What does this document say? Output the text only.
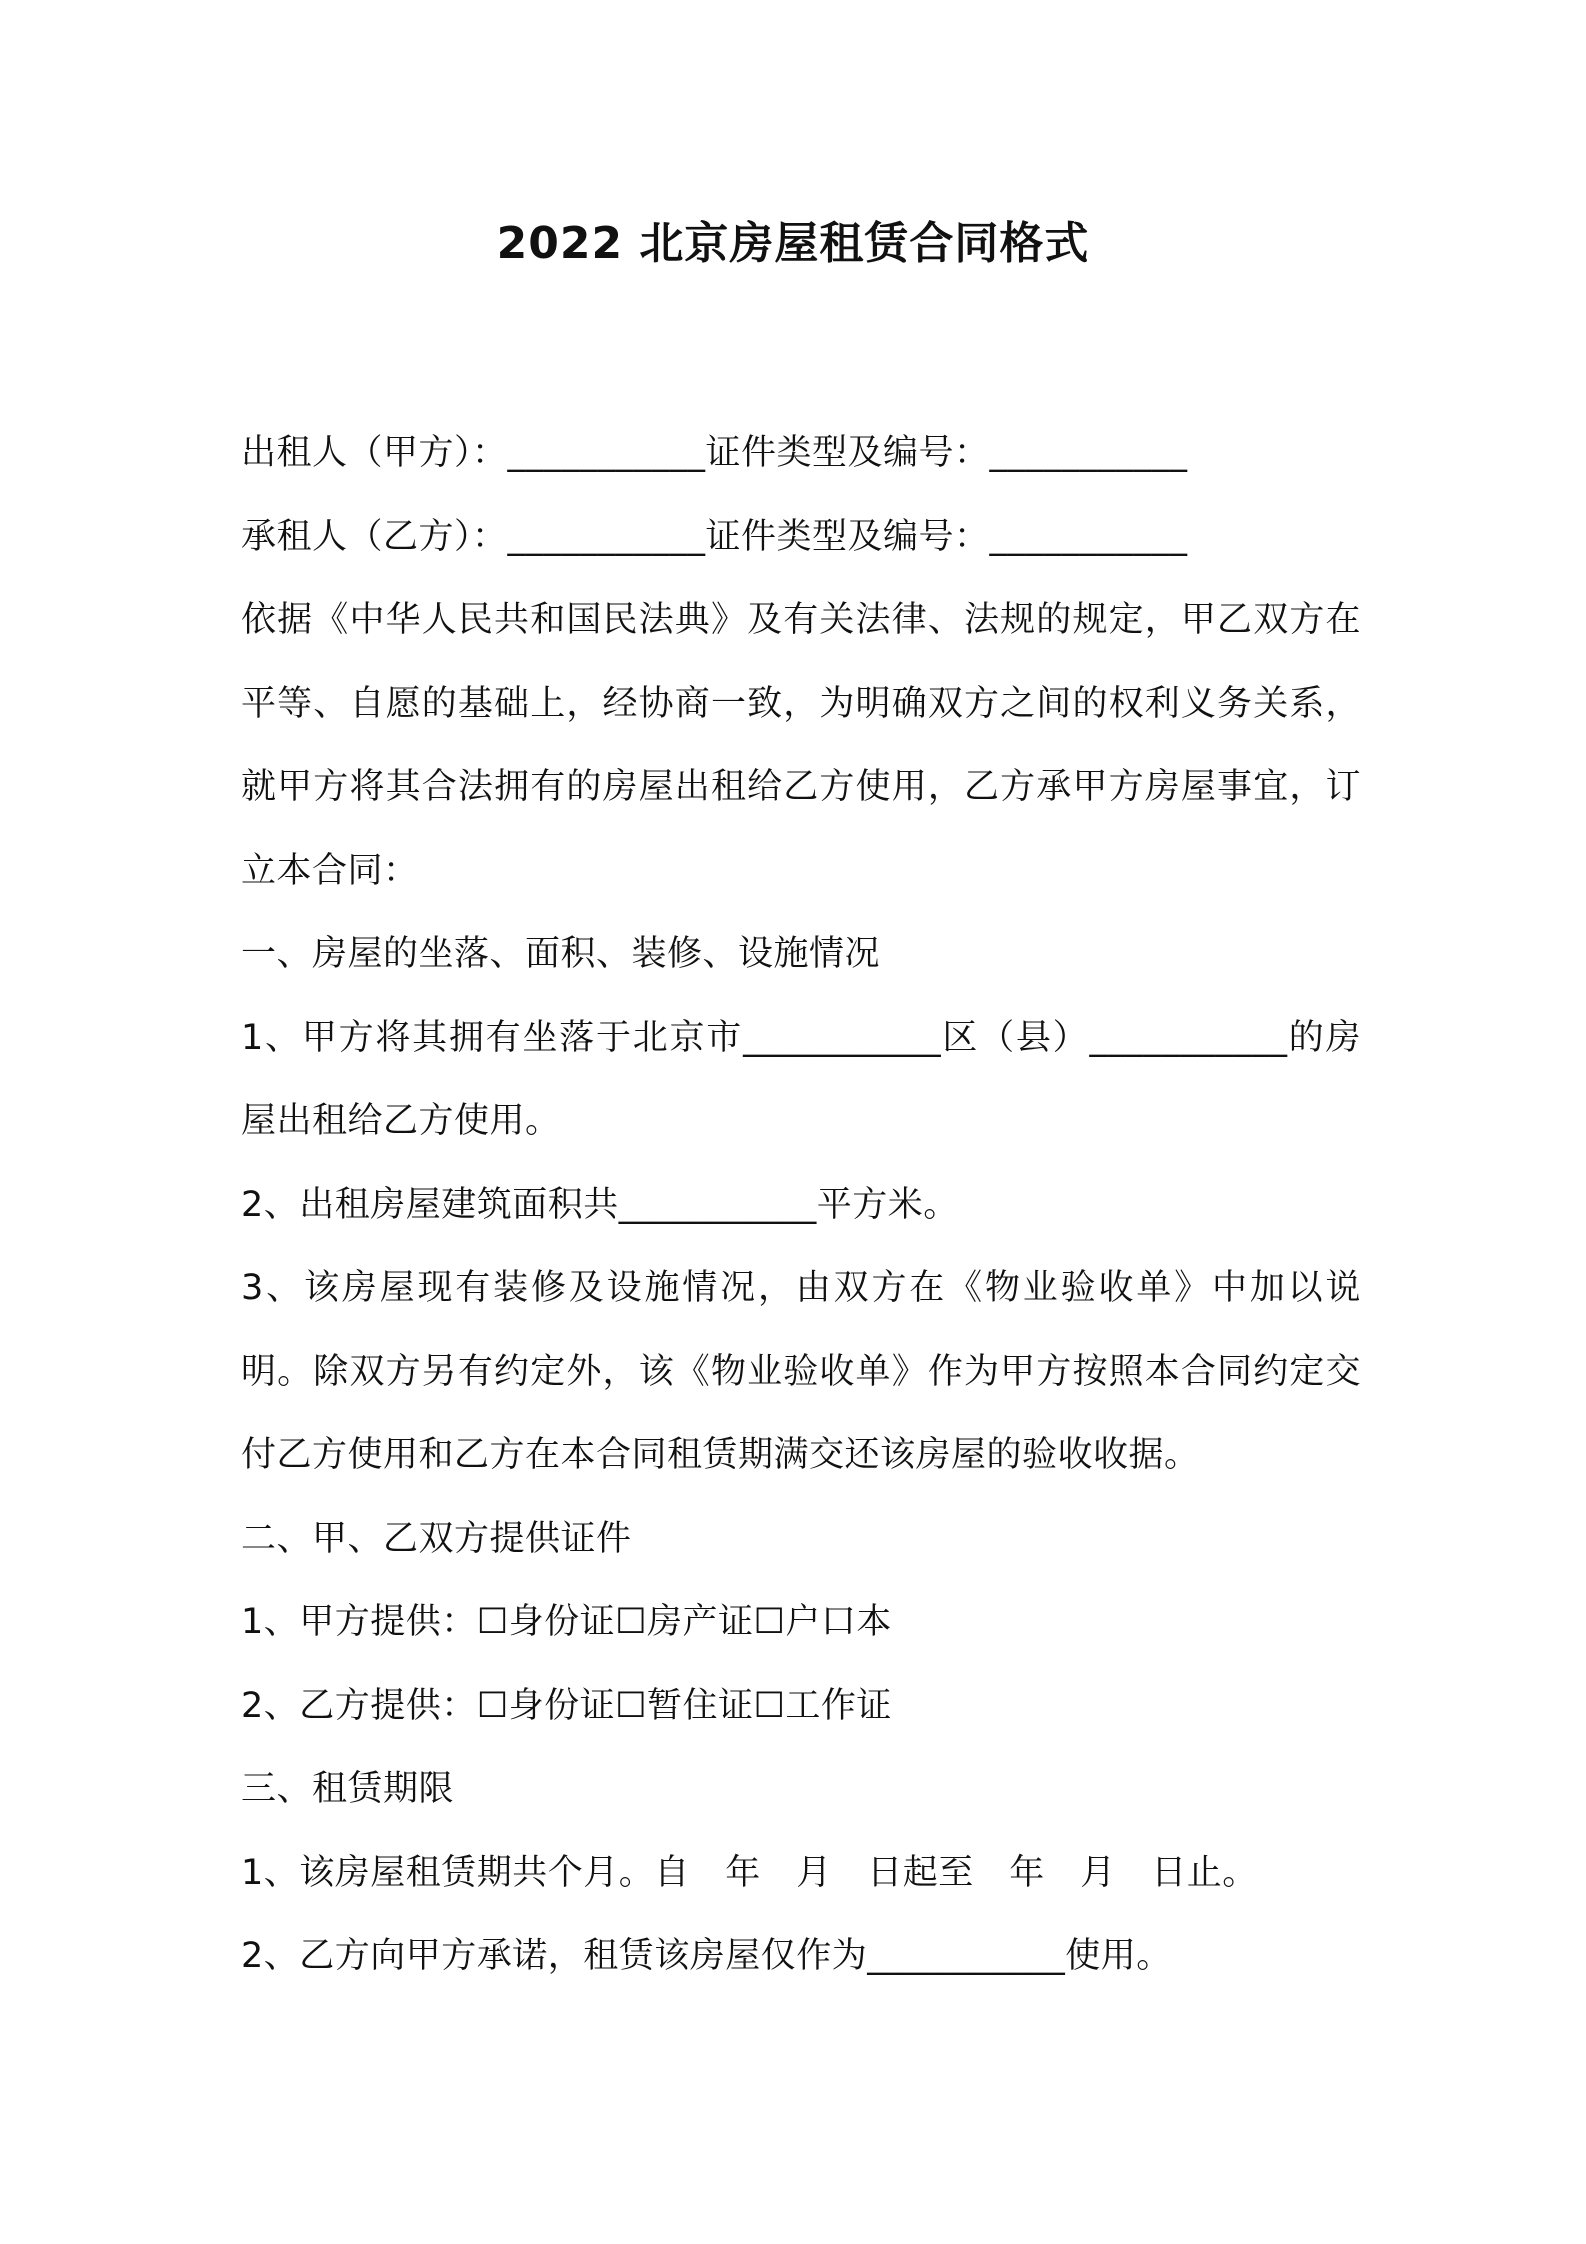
2022 北京房屋租赁合同格式
出租人（甲方）：___________证件类型及编号：___________
承租人（乙方）：___________证件类型及编号：___________
依据《中华人民共和国民法典》及有关法律、法规的规定，甲乙双方在平等、自愿的基础上，经协商一致，为明确双方之间的权利义务关系，就甲方将其合法拥有的房屋出租给乙方使用，乙方承甲方房屋事宜，订立本合同：
一、房屋的坐落、面积、装修、设施情况
1、甲方将其拥有坐落于北京市___________区（县）___________的房屋出租给乙方使用。
2、出租房屋建筑面积共___________平方米。
3、该房屋现有装修及设施情况，由双方在《物业验收单》中加以说明。除双方另有约定外，该《物业验收单》作为甲方按照本合同约定交付乙方使用和乙方在本合同租赁期满交还该房屋的验收收据。
二、甲、乙双方提供证件
1、甲方提供：☐身份证☐房产证☐户口本
2、乙方提供：☐身份证☐暂住证☐工作证
三、租赁期限
1、该房屋租赁期共个月。自　年　月　日起至　年　月　日止。
2、乙方向甲方承诺，租赁该房屋仅作为___________使用。
